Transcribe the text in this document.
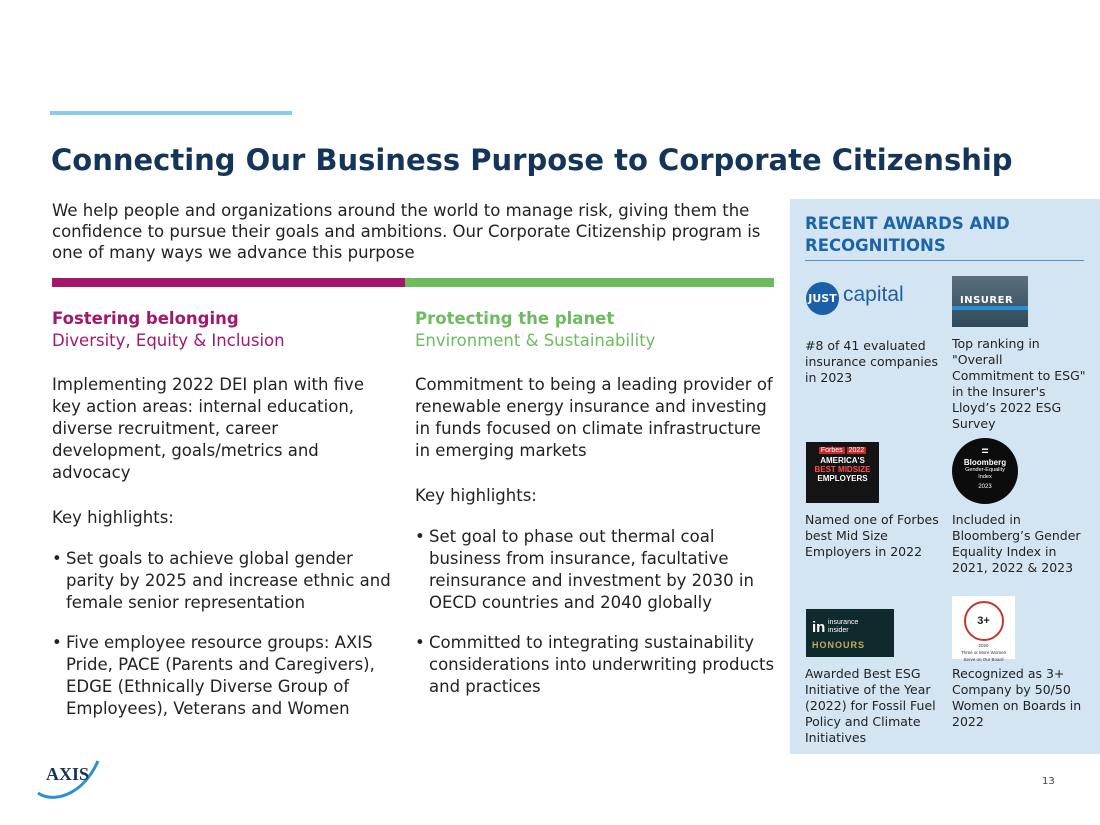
Connecting Our Business Purpose to Corporate Citizenship
We help people and organizations around the world to manage risk, giving them the confidence to pursue their goals and ambitions. Our Corporate Citizenship program is one of many ways we advance this purpose
Fostering belonging
Diversity, Equity & Inclusion
Implementing 2022 DEI plan with five key action areas: internal education, diverse recruitment, career development, goals/metrics and advocacy
Key highlights:
• Set goals to achieve global gender parity by 2025 and increase ethnic and female senior representation
• Five employee resource groups: AXIS Pride, PACE (Parents and Caregivers), EDGE (Ethnically Diverse Group of Employees), Veterans and Women
Protecting the planet
Environment & Sustainability
Commitment to being a leading provider of renewable energy insurance and investing in funds focused on climate infrastructure in emerging markets
Key highlights:
• Set goal to phase out thermal coal business from insurance, facultative reinsurance and investment by 2030 in OECD countries and 2040 globally
• Committed to integrating sustainability considerations into underwriting products and practices
RECENT AWARDS AND RECOGNITIONS
JUST capital
#8 of 41 evaluated insurance companies in 2023
INSURER
Top ranking in "Overall Commitment to ESG" in the Insurer's Lloyd’s 2022 ESG Survey
Forbes 2022
AMERICA'S
BEST MIDSIZE
EMPLOYERS
Named one of Forbes best Mid Size Employers in 2022
=
Bloomberg
Gender-Equality
Index
2023
Included in Bloomberg’s Gender Equality Index in 2021, 2022 & 2023
in insurance
insider
HONOURS
Awarded Best ESG Initiative of the Year (2022) for Fossil Fuel Policy and Climate Initiatives
3+
2020
Three or More Women
Serve on Our Board
Recognized as 3+ Company by 50/50 Women on Boards in 2022
AXIS	13
